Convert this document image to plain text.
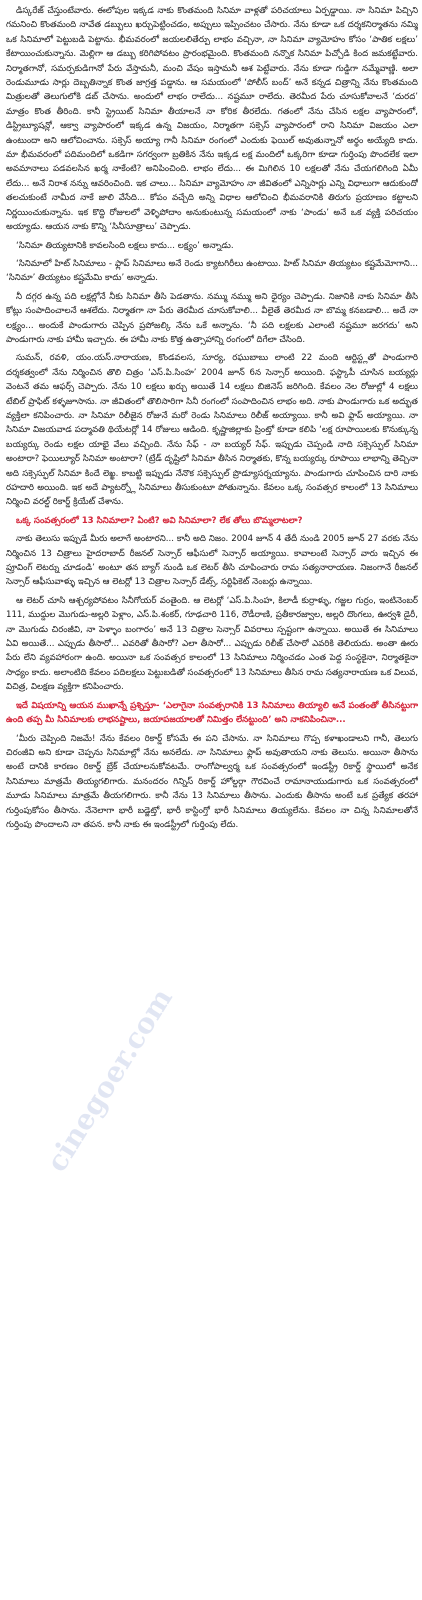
డిస్కరేజ్ చేస్తుంటేవారు. ఈలోపుల ఇక్కడ నాకు కొంతమంది సినిమా వాళ్లతో పరిచయాలు ఏర్పడ్డాయి. నా సినిమా పిచ్చిని గమనించి కొంతమంది నావేత డబ్బులు ఖర్చుపెట్టించడం, అప్పులు ఇప్పించటం చేసారు. నేను కూడా ఒక దర్శకనిర్మాతను నమ్మి ఒక సినిమాలో పెట్టుబడి పెట్టాను. భీమవరంలో జయలలితేర్పు లాభం వచ్చినా, నా సినిమా వ్యామోహం కోసం ‘పాతిక లక్షలు’ కేటాయించుకున్నాను. మెల్లిగా ఆ డబ్బు కరిగిపోవటం ప్రారంభమైంది. కొంతమంది నన్నొక సినిమా పిచ్చోడి కింద జమకట్టేవారు. నిర్మాతగానో, సమర్పకుడిగానో పేరు వేస్తామనీ, మంచి వేషం ఇస్తామనీ ఆశ పెట్టేవారు. నేను కూడా గుడ్డిగా నమ్మేవాణ్ణి. అలా రెండుమూడు సార్లు దెబ్బతిన్నాక కొంత జాగ్రత్త పడ్డాను. ఆ సమయంలో ‘పోలీస్ బంద్’ అనే కన్నడ చిత్రాన్ని నేను కొంతమంది మిత్రులతో తెలుగులోకి డబ్ చేసాను. అందులో లాభం రాలేదు... నష్టమూ రాలేదు. తెరమీద పేరు చూసుకోవాలనే ‘దురద’ మాత్రం కొంత తీరింది. కానీ స్ట్రెయిట్ సినిమా తీయాలనే నా కోరిక తీరలేదు. గతంలో నేను చేసిన లక్షల వ్యాపారంలో, డిస్ట్రిబ్యూషన్లో, ఆక్వా వ్యాపారంలో ఇక్కడ ఉన్న విజయం, నిర్మాతగా సక్సెస్ వ్యాపారంలో రాని సినిమా విజయం ఎలా ఉంటుందా అని ఆలోచించాను. సక్సెస్ అయ్యా గానీ సినిమా రంగంలో ఎందుకు ఫెయిల్ అవుతున్నానో అర్థం అయ్యేది కాదు. మా భీమవరంలో పదిమందిలో ఒకడిగా సగర్వంగా బ్రతికిన నేను ఇక్కడ లక్ష మందిలో ఒక్కరిగా కూడా గుర్తింపు పొందలేక ఇలా అవమానాలు పడవలసిన ఖర్మ నాకేంటి? అనిపించింది. లాభం లేదు... ఈ మిగిలిన 10 లక్షలతో నేను చేయగలిగింది ఏమీ లేదు... అనే నిరాశ నన్ను ఆవరించింది. ఇక చాలు... సినిమా వ్యామోహం నా జీవితంలో ఎన్నిసార్లు ఎన్ని విధాలుగా ఆదుకుందో తలచుకుంటే నామీద నాకే జాలి వేసేది... కోపం వచ్చేది అన్ని విధాల ఆలోచించి భీమవరానికి తిరుగు ప్రయాణం కట్టాలని నిర్ణయించుకున్నాను. ఇక కొద్ది రోజులలో వెళ్ళిపోదాం అనుకుంటున్న సమయంలో నాకు ‘పాండు’ అనే ఒక వ్యక్తి పరిచయం అయ్యాడు. ఆయన నాకు కొన్ని ‘సినీసూత్రాలు’ చెప్పాడు.

‘సినిమా తియ్యటానికి కావలసింది లక్షలు కాదు... లక్ష్యం’ అన్నాడు.

‘సినిమాలో హిట్ సినిమాలు - ఫ్లాప్ సినిమాలు అనే రెండు క్యాటగిరీలు ఉంటాయి. హిట్ సినిమా తియ్యటం కష్టమేమోగాని... ‘సినిమా’ తియ్యటం కష్టమేమి కాదు’ అన్నాడు.

నీ దగ్గర ఉన్న పది లక్షల్లోనే నీకు సినిమా తీసి పెడతాను. నమ్ము నమ్ము అని ధైర్యం చెప్పాడు. నిజానికి నాకు సినిమా తీసి కోట్లు సంపాదించాలనే ఆశలేదు. నిర్మాతగా నా పేరు తెరమీద చూసుకోవాలి... వీలైతే తెరమీద నా బొమ్మ కనబడాలి... అదే నా లక్ష్యం... అందుకే పాండుగారు చెప్పిన ప్రపోజల్కి నేను ఒకే అన్నాను. ‘నీ పది లక్షలకు ఎలాంటి నష్టమూ జరగదు’ అని పాండుగారు నాకు హామీ ఇచ్చారు. ఈ హామీ నాకు కొత్త ఉత్సాహాన్ని రంగంలో దిగేలా చేసింది.

సుమన్, రవళి, యం.యస్.నారాయణ, కొండవలస, సూర్య, రఘుబాబు లాంటి 22 మంది ఆర్టిస్ట్లతో పాండుగారి దర్శకత్వంలో నేను నిర్మించిన తొలి చిత్రం ‘ఎస్.పి.సింహ’ 2004 జూన్ 6న సెన్సార్ అయింది. ఫస్ట్కాపీ చూసిన బయ్యర్లు వెంటనే తమ ఆఫర్స్ చెప్పారు. నేను 10 లక్షలు ఖర్చు అయితే 14 లక్షలు బిజినెస్ జరిగింది. కేవలం నెల రోజుల్లో 4 లక్షలు టేబిల్ ప్రాఫిట్ కళ్ళజూసాను. నా జీవితంలో తొలిసారిగా సినీ రంగంలో సంపాదించిన లాభం అది. నాకు పాండుగారు ఒక అద్భుత వ్యక్తిలా కనిపించారు. నా సినిమా రిలీజైన రోజునే మరో రెండు సినిమాలు రిలీజ్ అయ్యాయి. కానీ అవి ఫ్లాప్ అయ్యాయి. నా సినిమా విజయవాడ పద్మావతి థియేటర్లో 14 రోజులు ఆడింది. కృష్ణాజిల్లాకు ప్రింట్తో కూడా కలిపి ‘లక్ష రూపాయిలకు కొనుక్కున్న బయ్యర్కు రెండు లక్షల యాభై వేలు వచ్చింది. నేను సేఫ్ - నా బయ్యర్ సేఫ్. ఇప్పుడు చెప్పండి నాది సక్సెస్ఫుల్ సినిమా అంటారా? ఫెయిల్యూర్ సినిమా అంటారా? (ట్రేడ్ దృష్టిలో సినిమా తీసిన నిర్మాతకు, కొన్న బయ్యర్కు రూపాయి లాభాన్ని తెచ్చినా అది సక్సెస్ఫుల్ సినిమా కిందే లెఖ్ఖ. కాబట్టి ఇప్పుడు నేనొక సక్సెస్ఫుల్ ప్రొడ్యూసర్నయ్యాను. పాండుగారు చూపించిన దారి నాకు రహదారి అయింది. ఇక అదే ప్యాటర్న్లో సినిమాలు తీసుకుంటూ పోతున్నాను. కేవలం ఒక్క సంవత్సర కాలంలో 13 సినిమాలు నిర్మించి వరల్డ్ రికార్డ్ క్రియేట్ చేశాను.

ఒక్క సంవత్సరంలో 13 సినిమాలా? ఏంటి? అవి సినిమాలా? లేక తోలు బొమ్మలాటలా?

నాకు తెలుసు ఇప్పుడే మీరు అలాగే అంటారని... కానీ అది నిజం. 2004 జూన్ 4 తేదీ నుండి 2005 జూన్ 27 వరకు నేను నిర్మించిన 13 చిత్రాలు హైదరాబాద్ రీజనల్ సెన్సార్ ఆఫీసులో సెన్సార్ అయ్యాయి. కావాలంటే సెన్సార్ వారు ఇచ్చిన ఈ ప్రూవింగ్ లెటర్ను చూడండి’ అంటూ తన బ్యాగ్ నుండి ఒక లెటర్ తీసి చూపించారు రామ సత్యనారాయణ. నిజంగానే రీజనల్ సెన్సార్ ఆఫీసువాళ్ళు ఇచ్చిన ఆ లెటర్లో 13 చిత్రాల సెన్సార్ డేట్స్, సర్టిఫికెట్ నెంబర్లు ఉన్నాయి.

ఆ లెటర్ చూసి ఆశ్చర్యపోవటం సినీగోయర్ వంతైంది. ఆ లెటర్లో ‘ఎస్.పి.సింహ, కిలాడీ కుర్రాళ్ళు, గజ్జల గుర్రం, ఇంటినెంబర్ 111, ముద్దుల మొగుడు-అల్లరి పెళ్లాం, ఎస్.పి.శంకర్, గూఢచారి 116, రౌడీరాణి, ప్రతీకారజ్వాల, అల్లరి దొంగలు, ఊర్వశి డైరీ, నా మొగుడు చిరంజీవి, నా పెళ్ళాం బంగారం’ అనే 13 చిత్రాల సెన్సార్ వివరాలు స్పష్టంగా ఉన్నాయి. అయితే ఈ సినిమాలు ఏవి అయితే... ఎప్పుడు తీసారో... ఎవరితో తీసారో? ఎలా తీసారో... ఎప్పుడు రిలీజ్ చేసారో ఎవరికి తెలియదు. అంతా ఊరు పేరు లేని వ్యవహారంగా ఉంది. అయినా ఒక సంవత్సర కాలంలో 13 సినిమాలు నిర్మించడం ఎంత పెద్ద సంస్థకైనా, నిర్మాతకైనా సాధ్యం కాదు. అలాంటిది కేవలం పదిలక్షలు పెట్టుబడితో సంవత్సరంలో 13 సినిమాలు తీసిన రామ సత్యనారాయణ ఒక విలువ, విచిత్ర, విలక్షణ వ్యక్తిగా కనిపించారు.

ఇదే విషయాన్ని ఆయన ముఖాన్నే ప్రశ్నిస్తూ- ‘ఎలాగైనా సంవత్సరానికి 13 సినిమాలు తియ్యాలి అనే పంతంతో తీసినట్టుగా ఉంది తప్ప మీ సినిమాలకు లాభనష్టాలు, జయాపజయాలతో నిమిత్తం లేనట్టుంది’ అని నాకనిపించినా...

‘మీరు చెప్పింది నిజమే! నేను కేవలం రికార్డ్ కోసమే ఈ పని చేసాను. నా సినిమాలు గొప్ప కళాఖండాలని గానీ, తెలుగు చిరంజీవి అని కూడా చెప్పను సినిమాల్లో నేను అనలేదు. నా సినిమాలు ఫ్లాప్ అవుతాయని నాకు తెలుసు. అయినా తీసాను అంటే దానికి కారణం రికార్డ్ బ్రేక్ చేయాలనుకోవటమే. రాంగోపాల్వర్మ ఒక సంవత్సరంలో ఇండస్ట్రీ రికార్డ్ స్థాయిలో అనేక సినిమాలు మాత్రమే తియ్యగలిగారు. మనందరం గిన్నిస్ రికార్డ్ హోల్డర్గా గౌరవించే రామానాయుడుగారు ఒక సంవత్సరంలో మూడు సినిమాలు మాత్రమే తీయగలిగారు. కానీ నేను 13 సినిమాలు తీసాను. ఎందుకు తీసాను అంటే ఒక ప్రత్యేక తరహా గుర్తింపుకోసం తీసాను. నేనెలాగా భారీ బడ్జెట్తో, భారీ కాస్టింగ్తో భారీ సినిమాలు తియ్యలేను. కేవలం నా చిన్న సినిమాలతోనే గుర్తింపు పొందాలని నా తపన. కానీ నాకు ఈ ఇండస్ట్రీలో గుర్తింపు లేదు.

cinegoer.com
